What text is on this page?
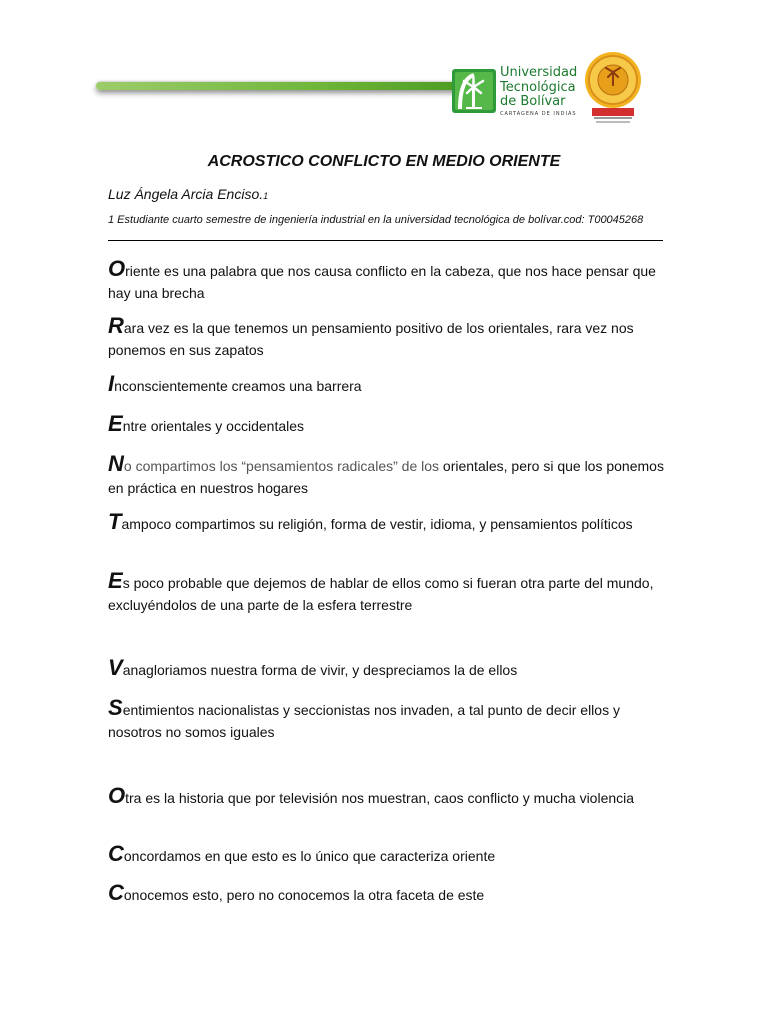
Universidad
Tecnológica
de Bolívar
CARTAGENA DE INDIAS
ACROSTICO CONFLICTO EN MEDIO ORIENTE
Luz Ángela Arcia Enciso.1
1 Estudiante cuarto semestre de ingeniería industrial en la universidad tecnológica de bolívar.cod: T00045268
Oriente es una palabra que nos causa conflicto en la cabeza, que nos hace pensar que hay una brecha
Rara vez es la que tenemos un pensamiento positivo de los orientales, rara vez nos ponemos en sus zapatos
Inconscientemente creamos una barrera
Entre orientales y occidentales
No compartimos los “pensamientos radicales” de los orientales, pero si que los ponemos en práctica en nuestros hogares
Tampoco compartimos su religión, forma de vestir, idioma, y pensamientos políticos
Es poco probable que dejemos de hablar de ellos como si fueran otra parte del mundo, excluyéndolos de una parte de la esfera terrestre
Vanagloriamos nuestra forma de vivir, y despreciamos la de ellos
Sentimientos nacionalistas y seccionistas nos invaden, a tal punto de decir ellos y nosotros no somos iguales
Otra es la historia que por televisión nos muestran, caos conflicto y mucha violencia
Concordamos en que esto es lo único que caracteriza oriente
Conocemos esto, pero no conocemos la otra faceta de este
